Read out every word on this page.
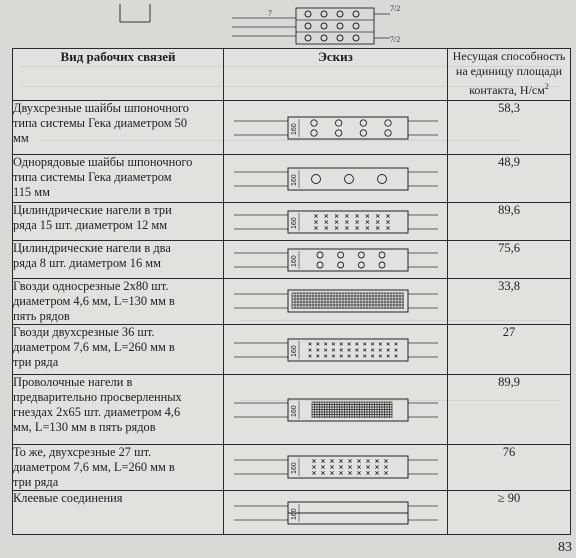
7
7/2
7/2
Вид рабочих связей	Эскиз	Несущая способность
на единицу площади
контакта, $Н/см^2$

Двухсрезные шайбы шпоночного
типа системы Гека диаметром 50
мм	160	58,3

Однорядовые шайбы шпоночного
типа системы Гека диаметром
115 мм	160	48,9

Цилиндрические нагели в три
ряда 15 шт. диаметром 12 мм	160	89,6

Цилиндрические нагели в два
ряда 8 шт. диаметром 16 мм	160	75,6

Гвозди односрезные 2х80 шт.
диаметром 4,6 мм, L=130 мм в
пять рядов		33,8

Гвозди двухсрезные 36 шт.
диаметром 7,6 мм, L=260 мм в
три ряда	160	27

Проволочные нагели в
предварительно просверленных
гнездах 2х65 шт. диаметром 4,6
мм, L=130 мм в пять рядов	160	89,9

То же, двухсрезные 27 шт.
диаметром 7,6 мм, L=260 мм в
три ряда	160	76

Клеевые соединения	160	≥ 90
83
